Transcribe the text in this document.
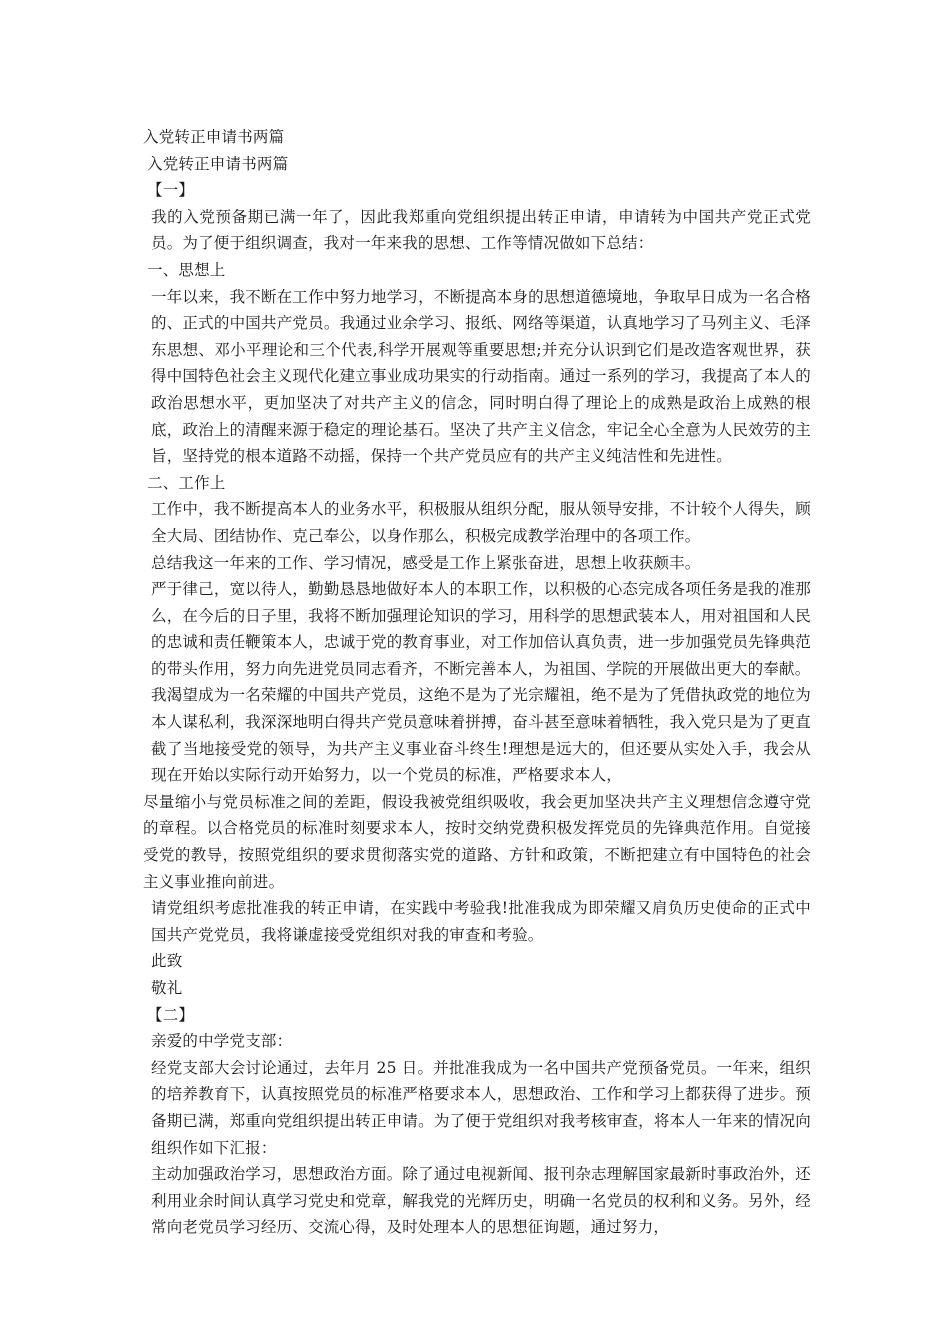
入党转正申请书两篇

入党转正申请书两篇

【一】

我的入党预备期已满一年了，因此我郑重向党组织提出转正申请，申请转为中国共产党正式党员。为了便于组织调查，我对一年来我的思想、工作等情况做如下总结：

一、思想上

一年以来，我不断在工作中努力地学习，不断提高本身的思想道德境地，争取早日成为一名合格的、正式的中国共产党员。我通过业余学习、报纸、网络等渠道，认真地学习了马列主义、毛泽东思想、邓小平理论和三个代表,科学开展观等重要思想;并充分认识到它们是改造客观世界，获得中国特色社会主义现代化建立事业成功果实的行动指南。通过一系列的学习，我提高了本人的政治思想水平，更加坚决了对共产主义的信念，同时明白得了理论上的成熟是政治上成熟的根底，政治上的清醒来源于稳定的理论基石。坚决了共产主义信念，牢记全心全意为人民效劳的主旨，坚持党的根本道路不动摇，保持一个共产党员应有的共产主义纯洁性和先进性。

二、工作上

工作中，我不断提高本人的业务水平，积极服从组织分配，服从领导安排，不计较个人得失，顾全大局、团结协作、克己奉公，以身作那么，积极完成教学治理中的各项工作。

总结我这一年来的工作、学习情况，感受是工作上紧张奋进，思想上收获颇丰。

严于律己，宽以待人，勤勤恳恳地做好本人的本职工作，以积极的心态完成各项任务是我的准那么，在今后的日子里，我将不断加强理论知识的学习，用科学的思想武装本人，用对祖国和人民的忠诚和责任鞭策本人，忠诚于党的教育事业，对工作加倍认真负责，进一步加强党员先锋典范的带头作用，努力向先进党员同志看齐，不断完善本人，为祖国、学院的开展做出更大的奉献。

我渴望成为一名荣耀的中国共产党员，这绝不是为了光宗耀祖，绝不是为了凭借执政党的地位为本人谋私利，我深深地明白得共产党员意味着拼搏，奋斗甚至意味着牺牲，我入党只是为了更直截了当地接受党的领导，为共产主义事业奋斗终生!理想是远大的，但还要从实处入手，我会从现在开始以实际行动开始努力，以一个党员的标准，严格要求本人，

尽量缩小与党员标准之间的差距，假设我被党组织吸收，我会更加坚决共产主义理想信念遵守党的章程。以合格党员的标准时刻要求本人，按时交纳党费积极发挥党员的先锋典范作用。自觉接受党的教导，按照党组织的要求贯彻落实党的道路、方针和政策，不断把建立有中国特色的社会主义事业推向前进。

请党组织考虑批准我的转正申请，在实践中考验我!批准我成为即荣耀又肩负历史使命的正式中国共产党党员，我将谦虚接受党组织对我的审查和考验。

此致

敬礼

【二】

亲爱的中学党支部：

经党支部大会讨论通过，去年月 25 日。并批准我成为一名中国共产党预备党员。一年来，组织的培养教育下，认真按照党员的标准严格要求本人，思想政治、工作和学习上都获得了进步。预备期已满，郑重向党组织提出转正申请。为了便于党组织对我考核审查，将本人一年来的情况向组织作如下汇报：

主动加强政治学习，思想政治方面。除了通过电视新闻、报刊杂志理解国家最新时事政治外，还利用业余时间认真学习党史和党章，解我党的光辉历史，明确一名党员的权利和义务。另外，经常向老党员学习经历、交流心得，及时处理本人的思想征询题，通过努力，
